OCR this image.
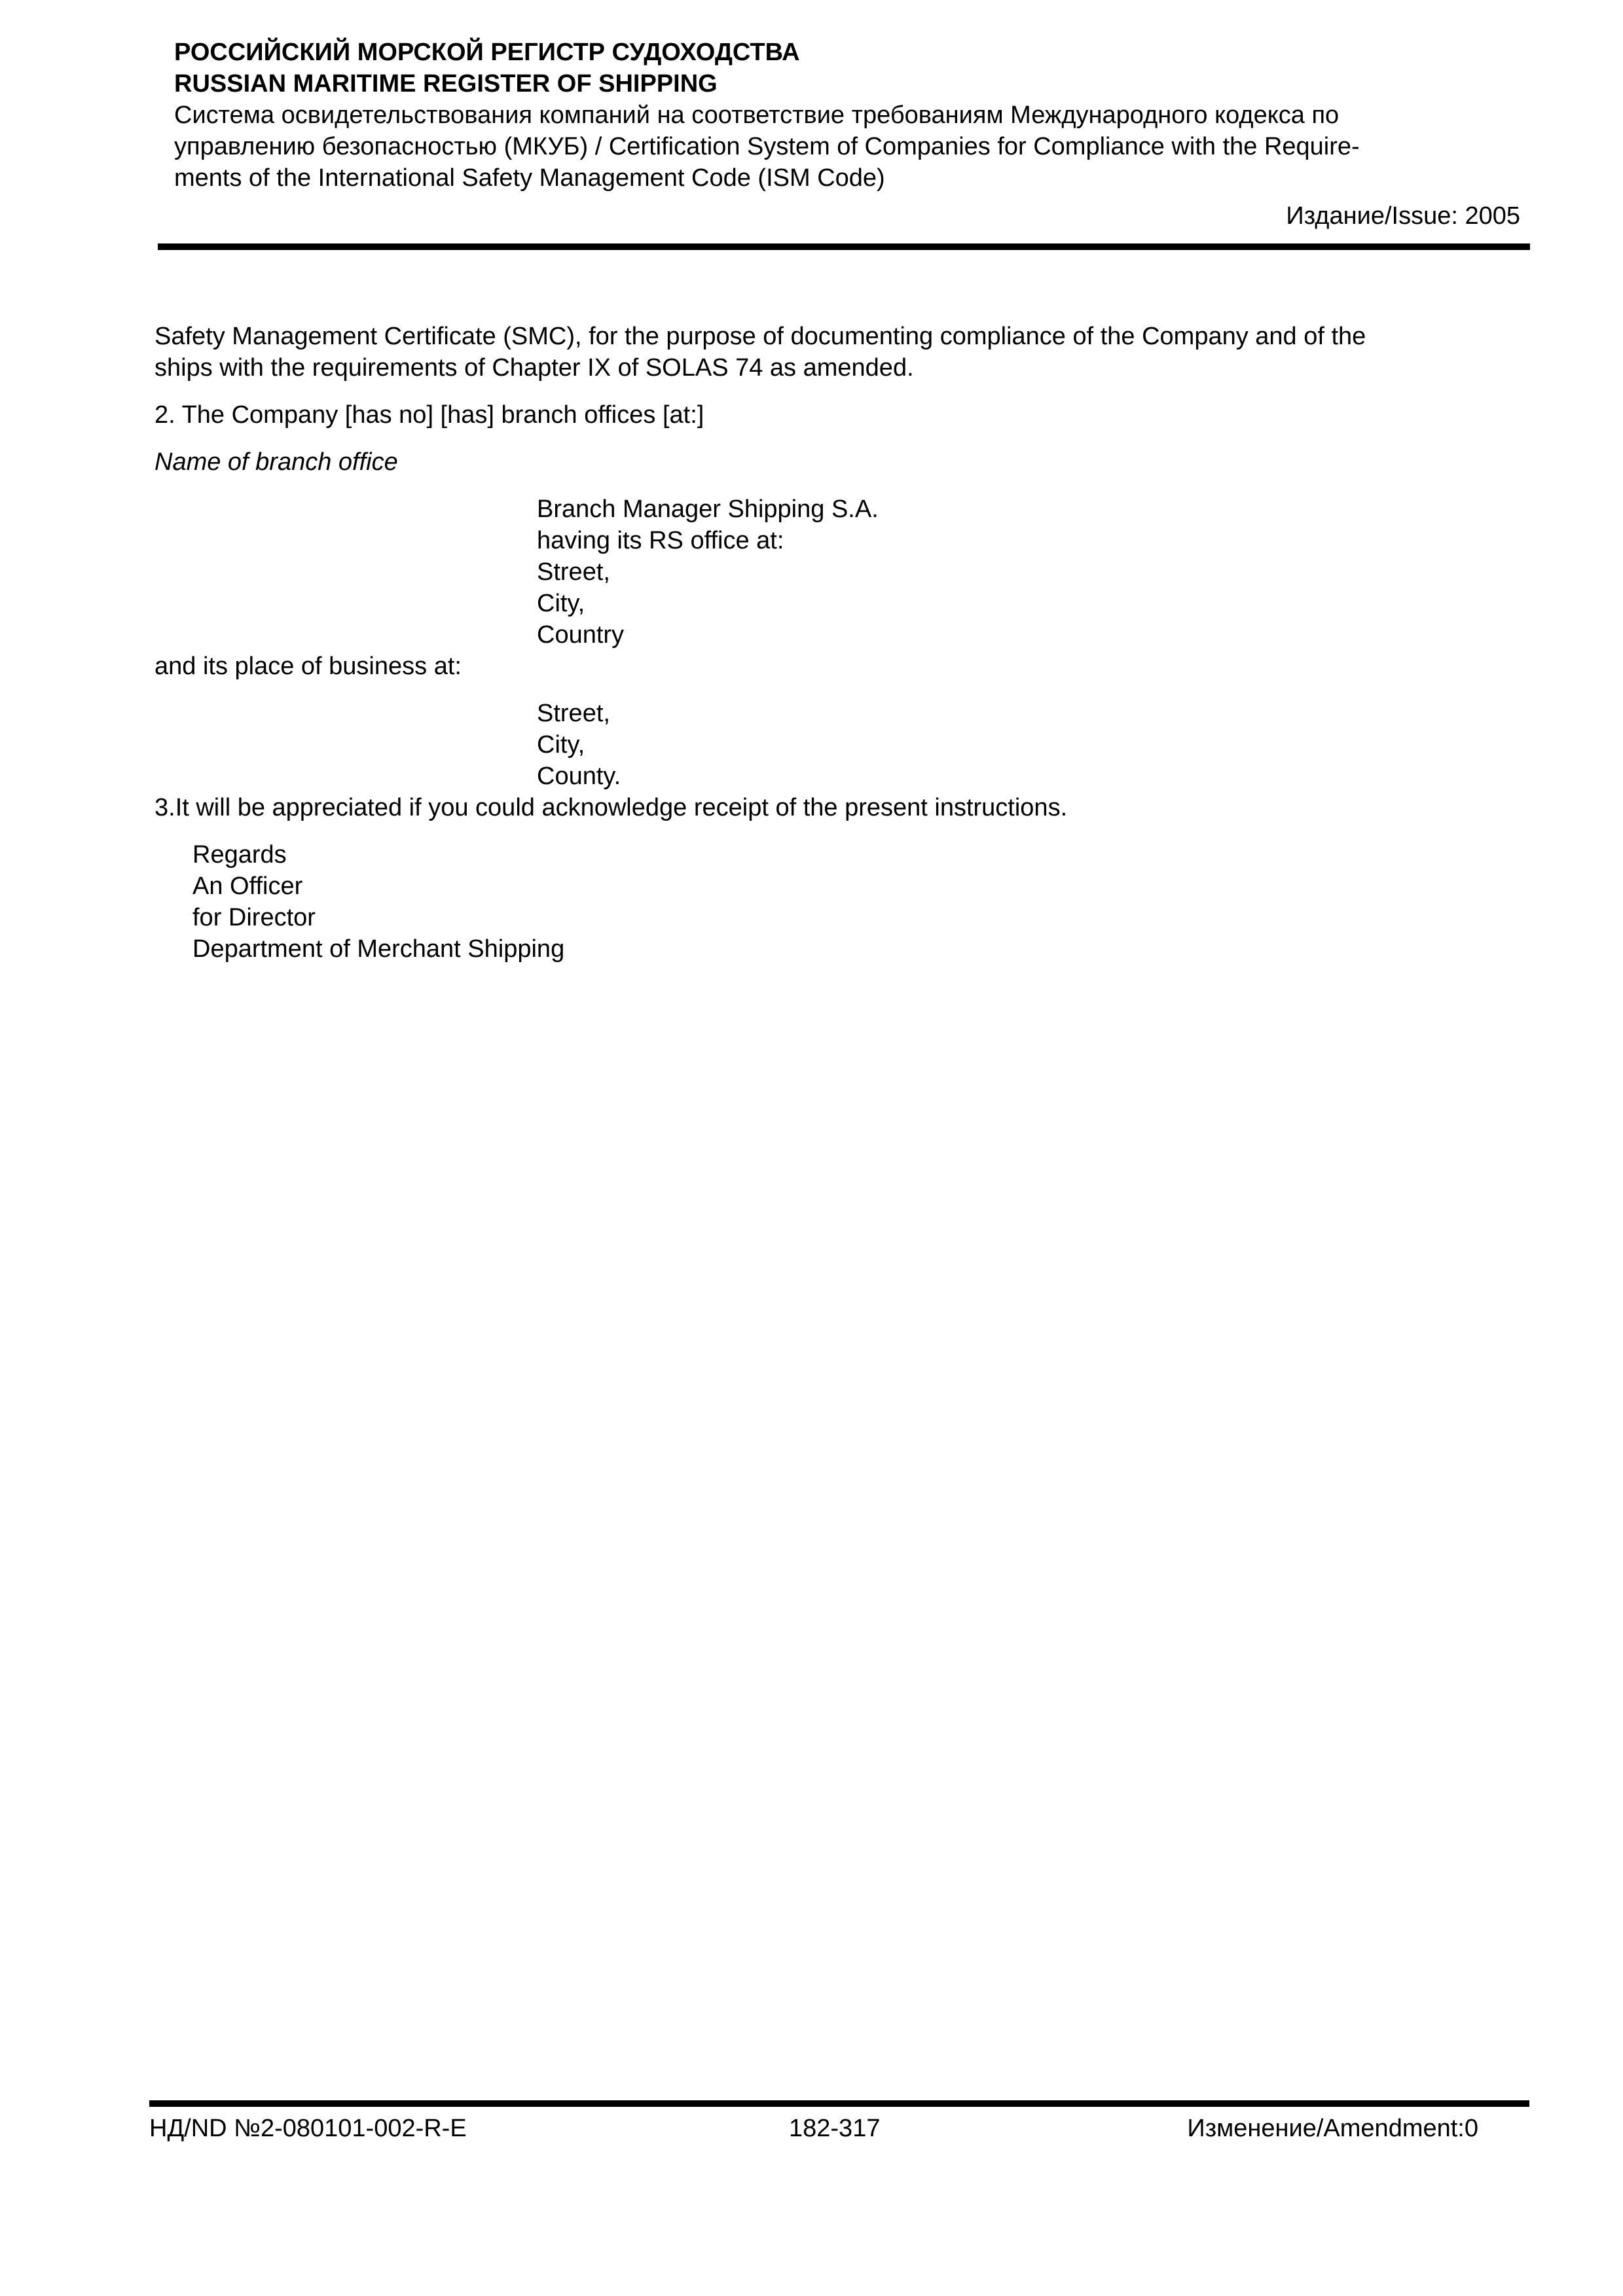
РОССИЙСКИЙ МОРСКОЙ РЕГИСТР СУДОХОДСТВА

RUSSIAN MARITIME REGISTER OF SHIPPING

Система освидетельствования компаний на соответствие требованиям Международного кодекса по

управлению безопасностью (МКУБ) / Certification System of Companies for Compliance with the Require-

ments of the International Safety Management Code (ISM Code)

Издание/Issue: 2005
Safety Management Certificate (SMC), for the purpose of documenting compliance of the Company and of the
ships with the requirements of Chapter IX of SOLAS 74 as amended.
2. The Company [has no] [has] branch offices [at:]
Name of branch office
Branch Manager Shipping S.A.
having its RS office at:
Street,
City,
Country
and its place of business at:
Street,
City,
County.
3.It will be appreciated if you could acknowledge receipt of the present instructions.
Regards
An Officer
for Director
Department of Merchant Shipping
НД/ND №2-080101-002-R-E	182-317	Изменение/Amendment:0
